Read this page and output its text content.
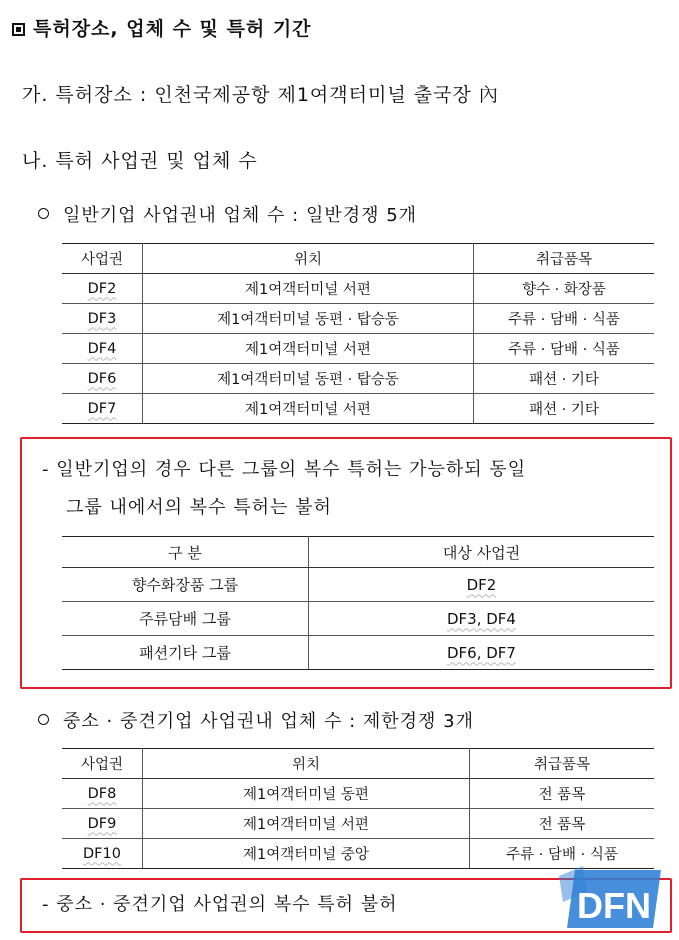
특허장소, 업체 수 및 특허 기간
가. 특허장소 : 인천국제공항 제1여객터미널 출국장 內
나. 특허 사업권 및 업체 수
일반기업 사업권내 업체 수 : 일반경쟁 5개
사업권	위치	취급품목
DF2	제1여객터미널 서편	향수 · 화장품
DF3	제1여객터미널 동편 · 탑승동	주류 · 담배 · 식품
DF4	제1여객터미널 서편	주류 · 담배 · 식품
DF6	제1여객터미널 동편 · 탑승동	패션 · 기타
DF7	제1여객터미널 서편	패션 · 기타
- 일반기업의 경우 다른 그룹의 복수 특허는 가능하되 동일
그룹 내에서의 복수 특허는 불허
구 분	대상 사업권
향수화장품 그룹	DF2
주류담배 그룹	DF3, DF4
패션기타 그룹	DF6, DF7
중소 · 중견기업 사업권내 업체 수 : 제한경쟁 3개
사업권	위치	취급품목
DF8	제1여객터미널 동편	전 품목
DF9	제1여객터미널 서편	전 품목
DF10	제1여객터미널 중앙	주류 · 담배 · 식품
- 중소 · 중견기업 사업권의 복수 특허 불허	DFN
